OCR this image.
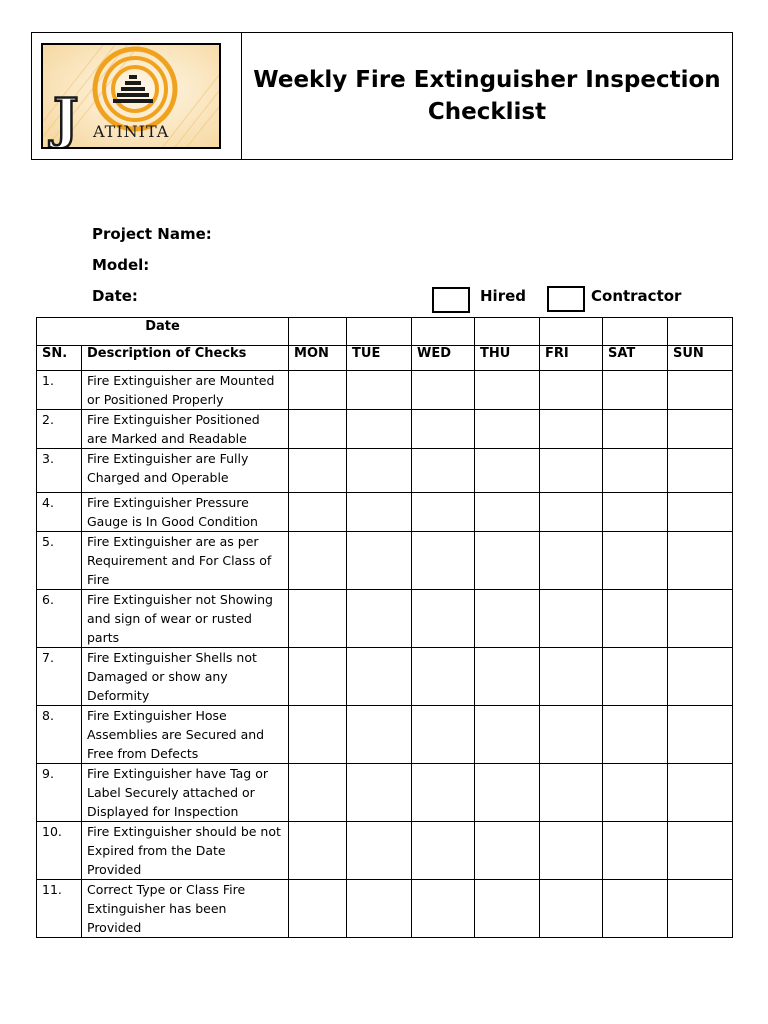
J ATINITA
Weekly Fire Extinguisher Inspection
Checklist
Project Name:
Model:
Date:	Hired	Contractor
Date								
SN.	Description of Checks	MON	TUE	WED	THU	FRI	SAT	SUN
1.	Fire Extinguisher are Mounted or Positioned Properly							
2.	Fire Extinguisher Positioned are Marked and Readable							
3.	Fire Extinguisher are Fully Charged and Operable							
4.	Fire Extinguisher Pressure Gauge is In Good Condition							
5.	Fire Extinguisher are as per Requirement and For Class of Fire							
6.	Fire Extinguisher not Showing and sign of wear or rusted parts							
7.	Fire Extinguisher Shells not Damaged or show any Deformity							
8.	Fire Extinguisher Hose Assemblies are Secured and Free from Defects							
9.	Fire Extinguisher have Tag or Label Securely attached or Displayed for Inspection							
10.	Fire Extinguisher should be not Expired from the Date Provided							
11.	Correct Type or Class Fire Extinguisher has been Provided							
